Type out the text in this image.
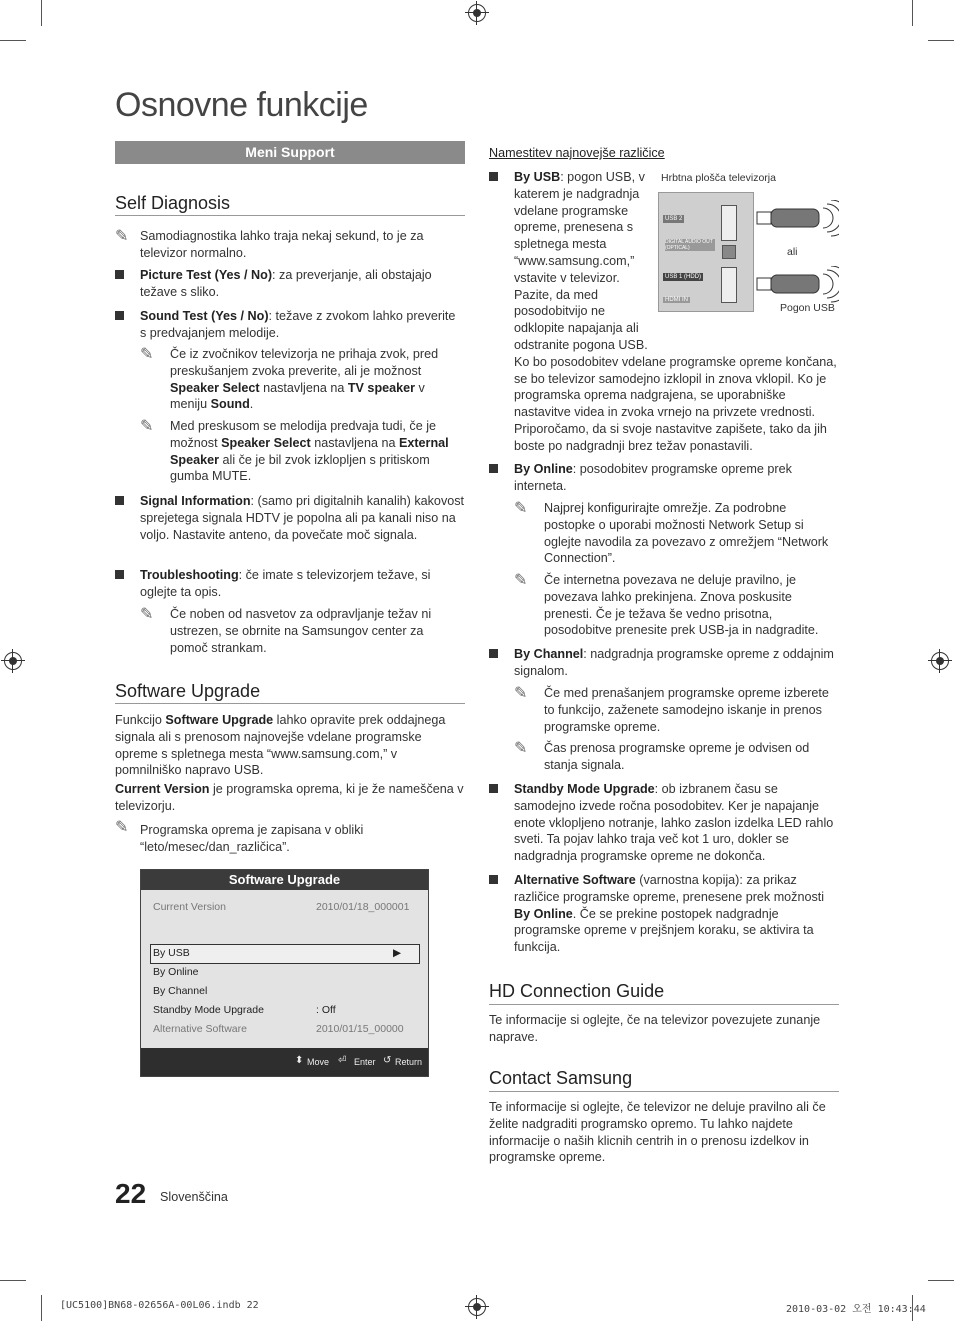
Osnovne funkcije
Meni Support
Self Diagnosis
✎ Samodiagnostika lahko traja nekaj sekund, to je za televizor normalno.
Picture Test (Yes / No): za preverjanje, ali obstajajo težave s sliko.
Sound Test (Yes / No): težave z zvokom lahko preverite s predvajanjem melodije.
✎ Če iz zvočnikov televizorja ne prihaja zvok, pred preskušanjem zvoka preverite, ali je možnost Speaker Select nastavljena na TV speaker v meniju Sound.
✎ Med preskusom se melodija predvaja tudi, če je možnost Speaker Select nastavljena na External Speaker ali če je bil zvok izklopljen s pritiskom gumba MUTE.
Signal Information: (samo pri digitalnih kanalih) kakovost sprejetega signala HDTV je popolna ali pa kanali niso na voljo. Nastavite anteno, da povečate moč signala.
Troubleshooting: če imate s televizorjem težave, si oglejte ta opis.
✎ Če noben od nasvetov za odpravljanje težav ni ustrezen, se obrnite na Samsungov center za pomoč strankam.
Software Upgrade
Funkcijo Software Upgrade lahko opravite prek oddajnega signala ali s prenosom najnovejše vdelane programske opreme s spletnega mesta “www.samsung.com,” v pomnilniško napravo USB.
Current Version je programska oprema, ki je že nameščena v televizorju.
✎ Programska oprema je zapisana v obliki “leto/mesec/dan_različica”.
Software Upgrade
Current Version	2010/01/18_000001
By USB	▶
By Online
By Channel
Standby Mode Upgrade	: Off
Alternative Software	2010/01/15_00000
⬍ Move ⏎ Enter ↺ Return
22 Slovenščina
[UC5100]BN68-02656A-00L06.indb 22	2010-03-02 오전 10:43:44
Namestitev najnovejše različice
By USB: pogon USB, v katerem je nadgradnja vdelane programske opreme, prenesena s spletnega mesta “www.samsung.com,” vstavite v televizor. Pazite, da med posodobitvijo ne odklopite napajanja ali odstranite pogona USB. Ko bo posodobitev vdelane programske opreme končana, se bo televizor samodejno izklopil in znova vklopil. Ko je programska oprema nadgrajena, se uporabniške nastavitve videa in zvoka vrnejo na privzete vrednosti. Priporočamo, da si svoje nastavitve zapišete, tako da jih boste po nadgradnji brez težav ponastavili.
Hrbtna plošča televizorja
USB 2
DIGITAL AUDIO OUT (OPTICAL)
USB 1 (HDD)
HDMI IN
ali
Pogon USB
By Online: posodobitev programske opreme prek interneta.
✎ Najprej konfigurirajte omrežje. Za podrobne postopke o uporabi možnosti Network Setup si oglejte navodila za povezavo z omrežjem “Network Connection”.
✎ Če internetna povezava ne deluje pravilno, je povezava lahko prekinjena. Znova poskusite prenesti. Če je težava še vedno prisotna, posodobitve prenesite prek USB-ja in nadgradite.
By Channel: nadgradnja programske opreme z oddajnim signalom.
✎ Če med prenašanjem programske opreme izberete to funkcijo, zaženete samodejno iskanje in prenos programske opreme.
✎ Čas prenosa programske opreme je odvisen od stanja signala.
Standby Mode Upgrade: ob izbranem času se samodejno izvede ročna posodobitev. Ker je napajanje enote vklopljeno notranje, lahko zaslon izdelka LED rahlo sveti. Ta pojav lahko traja več kot 1 uro, dokler se nadgradnja programske opreme ne dokonča.
Alternative Software (varnostna kopija): za prikaz različice programske opreme, prenesene prek možnosti By Online. Če se prekine postopek nadgradnje programske opreme v prejšnjem koraku, se aktivira ta funkcija.
HD Connection Guide
Te informacije si oglejte, če na televizor povezujete zunanje naprave.
Contact Samsung
Te informacije si oglejte, če televizor ne deluje pravilno ali če želite nadgraditi programsko opremo. Tu lahko najdete informacije o naših klicnih centrih in o prenosu izdelkov in programske opreme.
